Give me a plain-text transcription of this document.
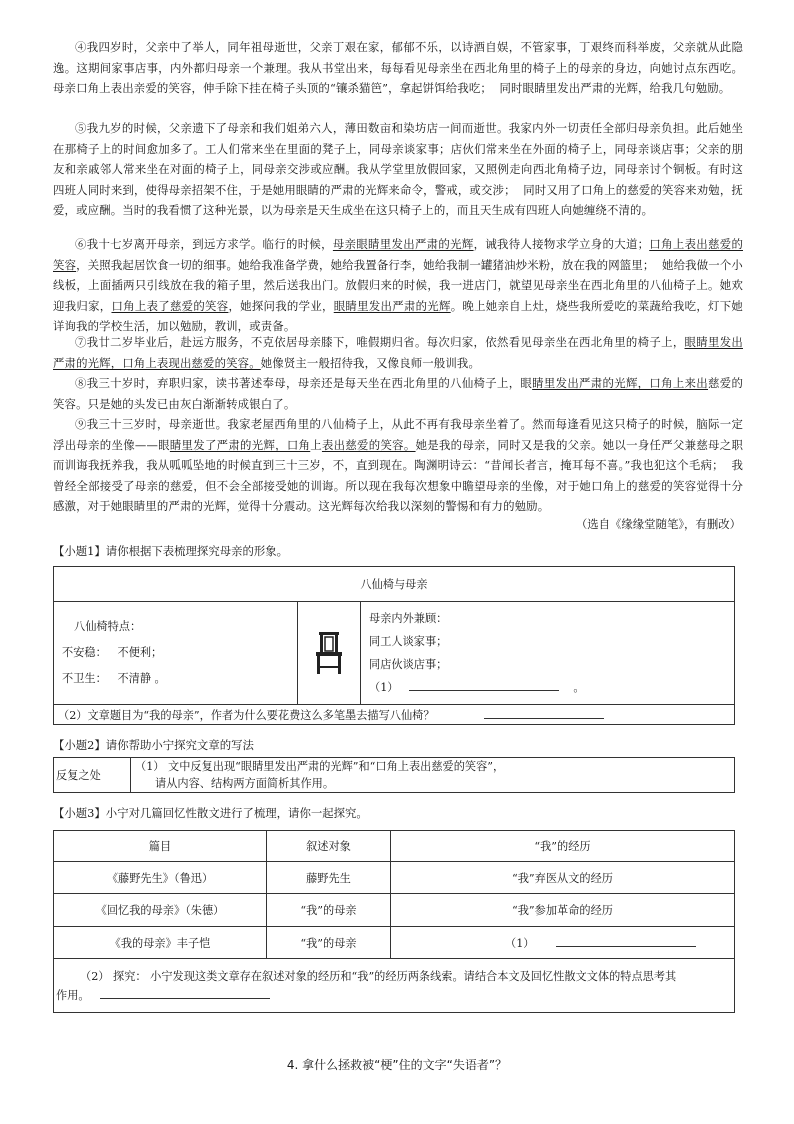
④我四岁时，父亲中了举人，同年祖母逝世，父亲丁艰在家，郁郁不乐，以诗酒自娱，不管家事，丁艰终而科举废，父亲就从此隐逸。这期间家事店事，内外都归母亲一个兼理。我从书堂出来，每每看见母亲坐在西北角里的椅子上的母亲的身边，向她讨点东西吃。母亲口角上表出亲爱的笑容，伸手除下挂在椅子头顶的“镶杀猫笆”，拿起饼饵给我吃； 同时眼睛里发出严肃的光辉，给我几句勉励。

⑤我九岁的时候，父亲遗下了母亲和我们姐弟六人，薄田数亩和染坊店一间而逝世。我家内外一切责任全部归母亲负担。此后她坐在那椅子上的时间愈加多了。工人们常来坐在里面的凳子上，同母亲谈家事；店伙们常来坐在外面的椅子上，同母亲谈店事；父亲的朋友和亲戚邻人常来坐在对面的椅子上，同母亲交涉或应酬。我从学堂里放假回家，又照例走向西北角椅子边，同母亲讨个铜板。有时这四班人同时来到，使得母亲招架不住，于是她用眼睛的严肃的光辉来命令，警戒，或交涉； 同时又用了口角上的慈爱的笑容来劝勉，抚爱，或应酬。当时的我看惯了这种光景，以为母亲是天生成坐在这只椅子上的，而且天生成有四班人向她缠绕不清的。

⑥我十七岁离开母亲，到远方求学。临行的时候，母亲眼睛里发出严肃的光辉，诫我待人接物求学立身的大道；口角上表出慈爱的笑容，关照我起居饮食一切的细事。她给我准备学费，她给我置备行李，她给我制一罐猪油炒米粉，放在我的网篮里； 她给我做一个小线板，上面插两只引线放在我的箱子里，然后送我出门。放假归来的时候，我一进店门，就望见母亲坐在西北角里的八仙椅子上。她欢迎我归家，口角上表了慈爱的笑容，她探问我的学业，眼睛里发出严肃的光辉。晚上她亲自上灶，烧些我所爱吃的菜蔬给我吃，灯下她详询我的学校生活，加以勉励，教训，或责备。

⑦我廿二岁毕业后，赴远方服务，不克依居母亲膝下，唯假期归省。每次归家，依然看见母亲坐在西北角里的椅子上，眼睛里发出严肃的光辉，口角上表现出慈爱的笑容。她像贤主一般招待我，又像良师一般训我。

⑧我三十岁时，弃职归家，读书著述奉母，母亲还是每天坐在西北角里的八仙椅子上，眼睛里发出严肃的光辉，口角上来出慈爱的笑容。只是她的头发已由灰白渐渐转成银白了。

⑨我三十三岁时，母亲逝世。我家老屋西角里的八仙椅子上，从此不再有我母亲坐着了。然而每逢看见这只椅子的时候，脑际一定浮出母亲的坐像——眼睛里发了严肃的光辉，口角上表出慈爱的笑容。她是我的母亲，同时又是我的父亲。她以一身任严父兼慈母之职而训诲我抚养我，我从呱呱坠地的时候直到三十三岁，不，直到现在。陶渊明诗云：“昔闻长者言，掩耳每不喜。”我也犯这个毛病； 我曾经全部接受了母亲的慈爱，但不会全部接受她的训诲。所以现在我每次想象中瞻望母亲的坐像，对于她口角上的慈爱的笑容觉得十分感激，对于她眼睛里的严肃的光辉，觉得十分震动。这光辉每次给我以深刻的警惕和有力的勉励。

（选自《缘缘堂随笔》，有删改）
【小题1】请你根据下表梳理探究母亲的形象。
八仙椅与母亲

八仙椅特点：
不安稳： 不便利；
不卫生： 不清静 。

母亲内外兼顾：
同工人谈家事；
同店伙谈店事；
（1）	。

（2）文章题目为“我的母亲”，作者为什么要花费这么多笔墨去描写八仙椅？
【小题2】请你帮助小宁探究文章的写法
反复之处	
（1） 文中反复出现“眼睛里发出严肃的光辉”和“口角上表出慈爱的笑容”，
请从内容、结构两方面简析其作用。
【小题3】小宁对几篇回忆性散文进行了梳理，请你一起探究。
篇目	叙述对象	“我”的经历
《藤野先生》（鲁迅）	藤野先生	“我”弃医从文的经历
《回忆我的母亲》（朱德）	“我”的母亲	“我”参加革命的经历
《我的母亲》丰子恺	“我”的母亲	（1）

（2） 探究： 小宁发现这类文章存在叙述对象的经历和“我”的经历两条线索。请结合本文及回忆性散文文体的特点思考其
作用。		
4. 拿什么拯救被“梗”住的文字“失语者”？
